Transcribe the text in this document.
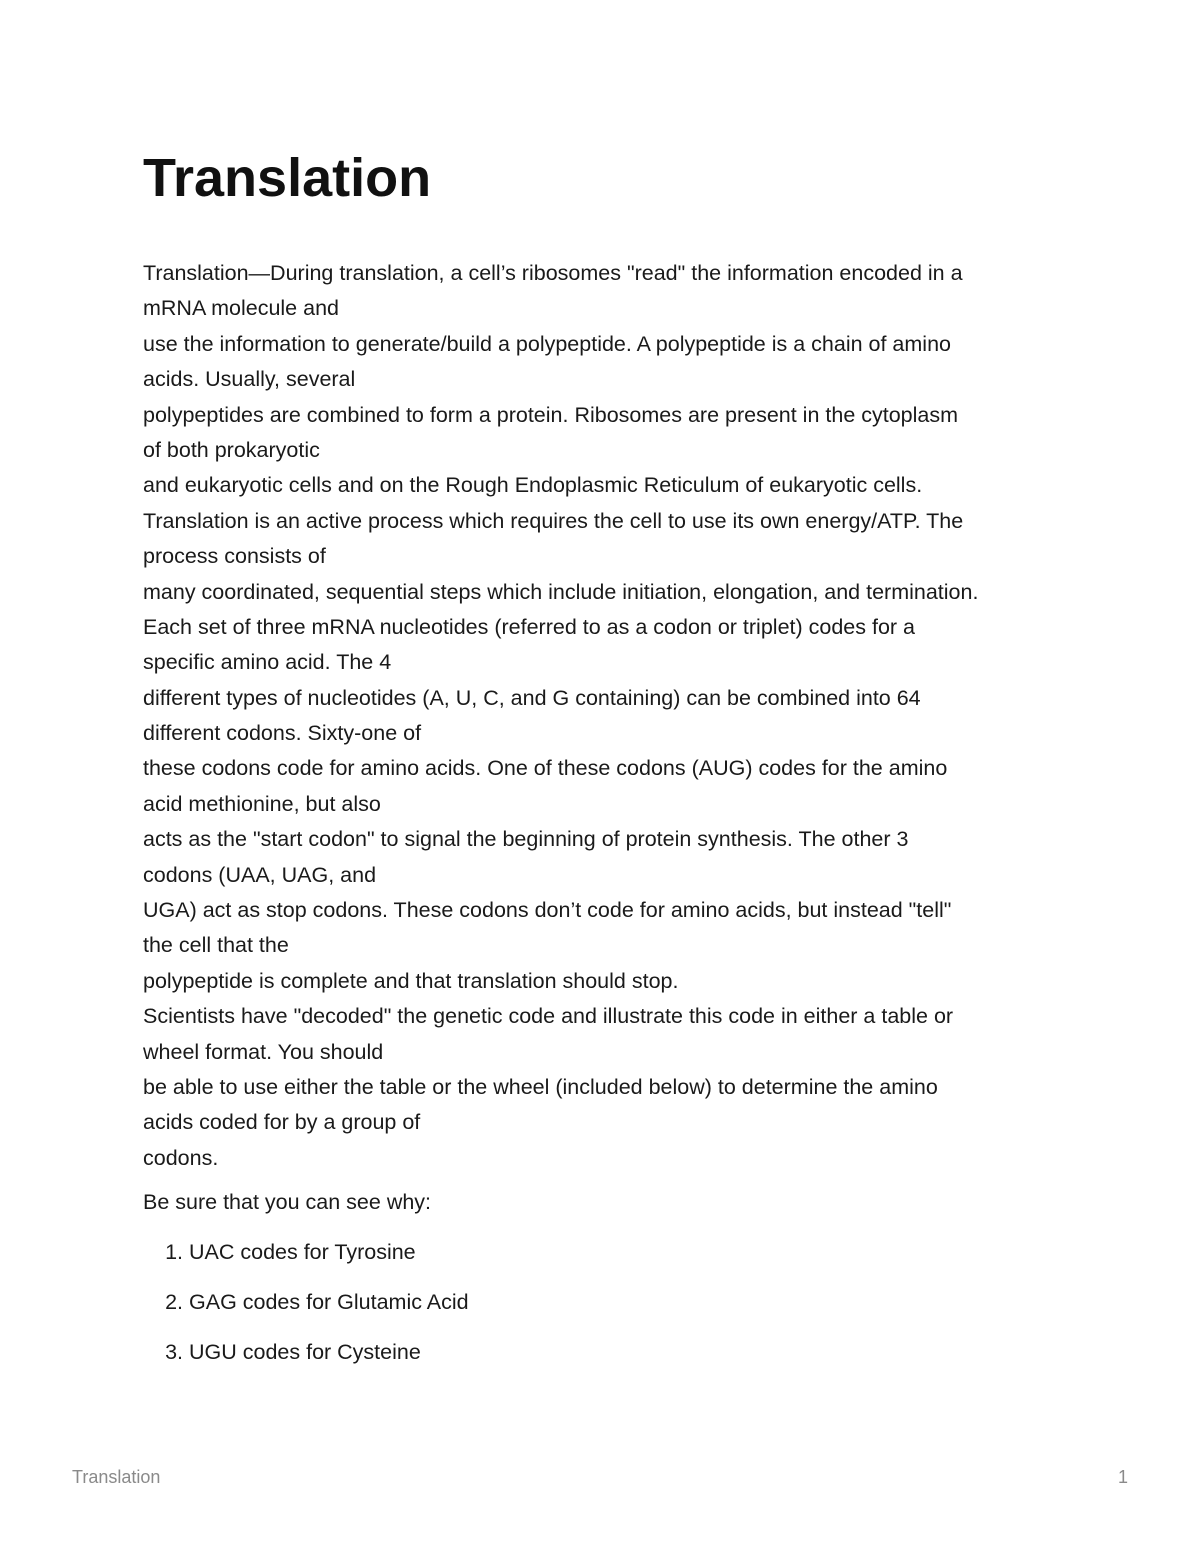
Translation
Translation—During translation, a cell’s ribosomes "read" the information encoded in a
mRNA molecule and
use the information to generate/build a polypeptide. A polypeptide is a chain of amino
acids. Usually, several
polypeptides are combined to form a protein. Ribosomes are present in the cytoplasm
of both prokaryotic
and eukaryotic cells and on the Rough Endoplasmic Reticulum of eukaryotic cells.
Translation is an active process which requires the cell to use its own energy/ATP. The
process consists of
many coordinated, sequential steps which include initiation, elongation, and termination.
Each set of three mRNA nucleotides (referred to as a codon or triplet) codes for a
specific amino acid. The 4
different types of nucleotides (A, U, C, and G containing) can be combined into 64
different codons. Sixty-one of
these codons code for amino acids. One of these codons (AUG) codes for the amino
acid methionine, but also
acts as the "start codon" to signal the beginning of protein synthesis. The other 3
codons (UAA, UAG, and
UGA) act as stop codons. These codons don’t code for amino acids, but instead "tell"
the cell that the
polypeptide is complete and that translation should stop.
Scientists have "decoded" the genetic code and illustrate this code in either a table or
wheel format. You should
be able to use either the table or the wheel (included below) to determine the amino
acids coded for by a group of
codons.
Be sure that you can see why:
1. UAC codes for Tyrosine
2. GAG codes for Glutamic Acid
3. UGU codes for Cysteine
Translation	1
